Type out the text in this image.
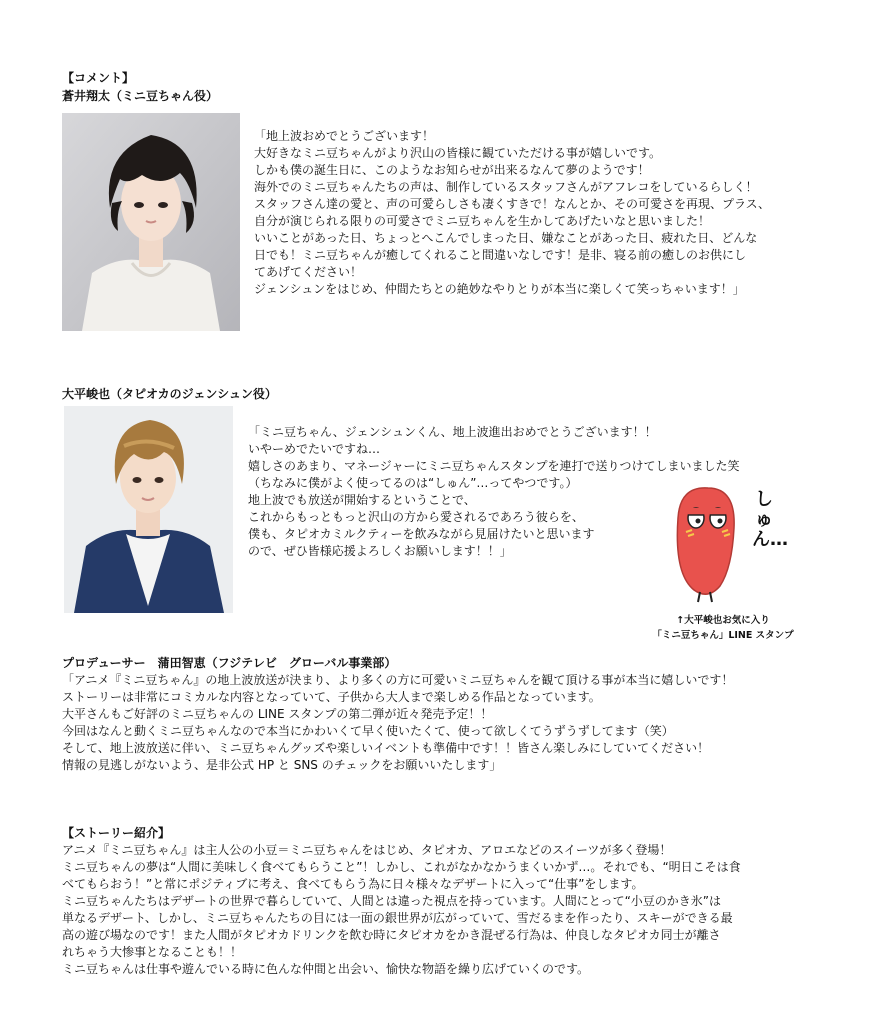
【コメント】
蒼井翔太（ミニ豆ちゃん役）
「地上波おめでとうございます！
大好きなミニ豆ちゃんがより沢山の皆様に観ていただける事が嬉しいです。
しかも僕の誕生日に、このようなお知らせが出来るなんて夢のようです！
海外でのミニ豆ちゃんたちの声は、制作しているスタッフさんがアフレコをしているらしく！
スタッフさん達の愛と、声の可愛らしさも凄くすきで！なんとか、その可愛さを再現、プラス、
自分が演じられる限りの可愛さでミニ豆ちゃんを生かしてあげたいなと思いました！
いいことがあった日、ちょっとへこんでしまった日、嫌なことがあった日、疲れた日、どんな
日でも！ミニ豆ちゃんが癒してくれること間違いなしです！是非、寝る前の癒しのお供にし
てあげてください！
ジェンシュンをはじめ、仲間たちとの絶妙なやりとりが本当に楽しくて笑っちゃいます！」
大平峻也（タピオカのジェンシュン役）
「ミニ豆ちゃん、ジェンシュンくん、地上波進出おめでとうございます！！
いやーめでたいですね…
嬉しさのあまり、マネージャーにミニ豆ちゃんスタンプを連打で送りつけてしまいました笑
（ちなみに僕がよく使ってるのは“しゅん”…ってやつです。）
地上波でも放送が開始するということで、
これからもっともっと沢山の方から愛されるであろう彼らを、
僕も、タピオカミルクティーを飲みながら見届けたいと思います
ので、ぜひ皆様応援よろしくお願いします！！」
しゅん…
↑大平峻也お気に入り
「ミニ豆ちゃん」LINE スタンプ
プロデューサー　蒲田智恵（フジテレビ　グローバル事業部）
「アニメ『ミニ豆ちゃん』の地上波放送が決まり、より多くの方に可愛いミニ豆ちゃんを観て頂ける事が本当に嬉しいです！
ストーリーは非常にコミカルな内容となっていて、子供から大人まで楽しめる作品となっています。
大平さんもご好評のミニ豆ちゃんの LINE スタンプの第二弾が近々発売予定！！
今回はなんと動くミニ豆ちゃんなので本当にかわいくて早く使いたくて、使って欲しくてうずうずしてます（笑）
そして、地上波放送に伴い、ミニ豆ちゃんグッズや楽しいイベントも準備中です！！皆さん楽しみにしていてください！
情報の見逃しがないよう、是非公式 HP と SNS のチェックをお願いいたします」
【ストーリー紹介】
アニメ『ミニ豆ちゃん』は主人公の小豆＝ミニ豆ちゃんをはじめ、タピオカ、アロエなどのスイーツが多く登場！
ミニ豆ちゃんの夢は“人間に美味しく食べてもらうこと”！しかし、これがなかなかうまくいかず…。それでも、“明日こそは食
べてもらおう！”と常にポジティブに考え、食べてもらう為に日々様々なデザートに入って“仕事”をします。
ミニ豆ちゃんたちはデザートの世界で暮らしていて、人間とは違った視点を持っています。人間にとって“小豆のかき氷”は
単なるデザート、しかし、ミニ豆ちゃんたちの目には一面の銀世界が広がっていて、雪だるまを作ったり、スキーができる最
高の遊び場なのです！また人間がタピオカドリンクを飲む時にタピオカをかき混ぜる行為は、仲良しなタピオカ同士が離さ
れちゃう大惨事となることも！！
ミニ豆ちゃんは仕事や遊んでいる時に色んな仲間と出会い、愉快な物語を繰り広げていくのです。
